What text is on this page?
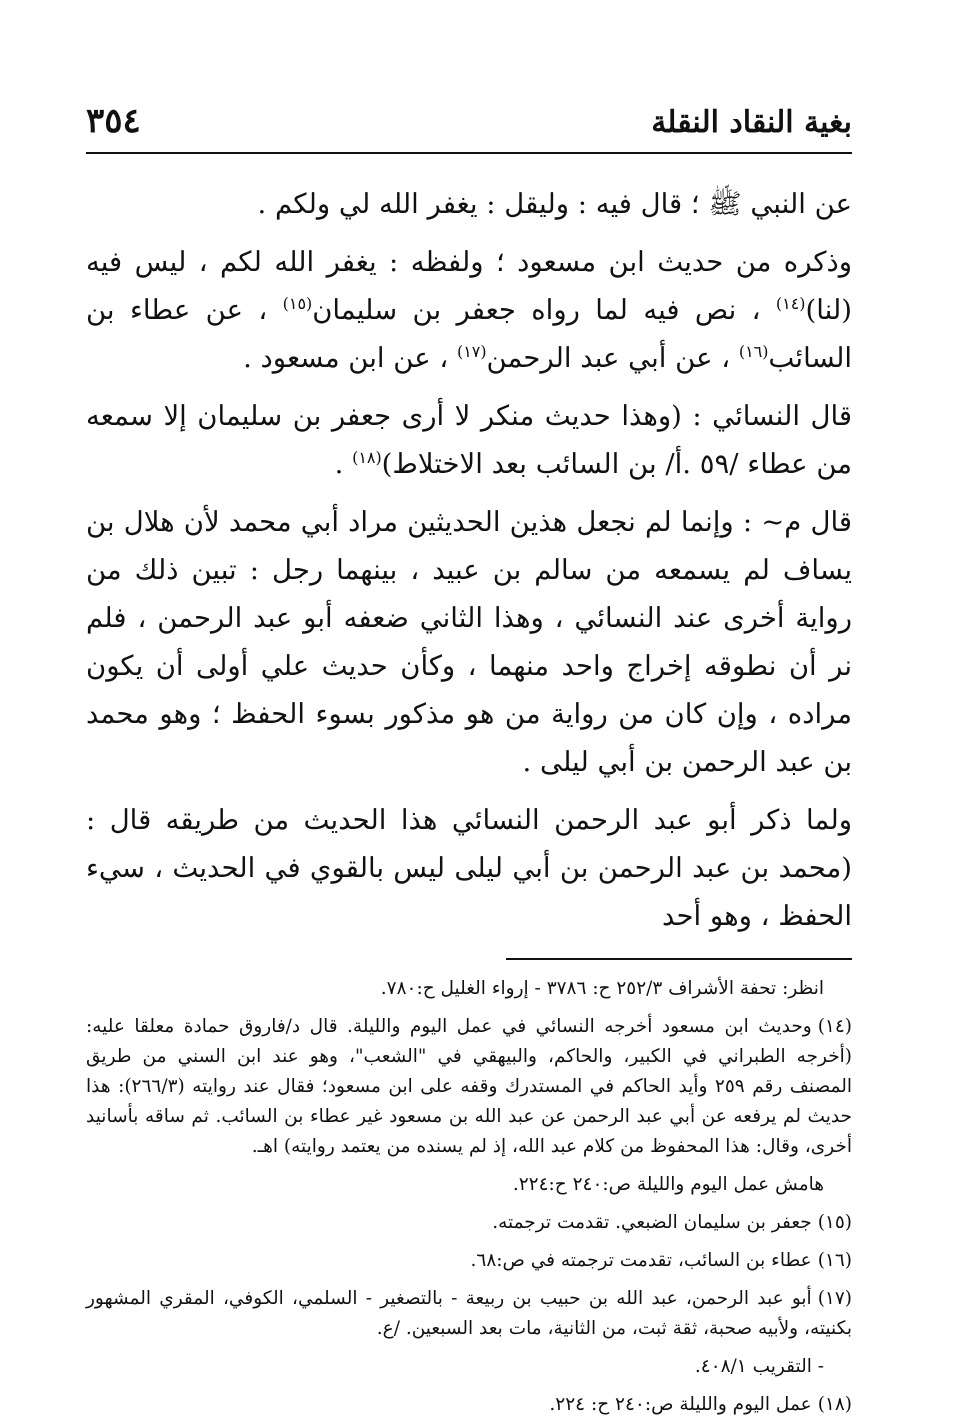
بغية النقاد النقلة
٣٥٤

عن النبي ﷺ ؛ قال فيه : وليقل : يغفر الله لي ولكم .

وذكره من حديث ابن مسعود ؛ ولفظه : يغفر الله لكم ، ليس فيه (لنا)$^{(١٤)}$ ، نص فيه لما رواه جعفر بن سليمان$^{(١٥)}$ ، عن عطاء بن السائب$^{(١٦)}$ ، عن أبي عبد الرحمن$^{(١٧)}$ ، عن ابن مسعود .

قال النسائي : (وهذا حديث منكر لا أرى جعفر بن سليمان إلا سمعه من عطاء /٥٩ .أ/ بن السائب بعد الاختلاط)$^{(١٨)}$ .

قال م~ : وإنما لم نجعل هذين الحديثين مراد أبي محمد لأن هلال بن يساف لم يسمعه من سالم بن عبيد ، بينهما رجل : تبين ذلك من رواية أخرى عند النسائي ، وهذا الثاني ضعفه أبو عبد الرحمن ، فلم نر أن نطوقه إخراج واحد منهما ، وكأن حديث علي أولى أن يكون مراده ، وإن كان من رواية من هو مذكور بسوء الحفظ ؛ وهو محمد بن عبد الرحمن بن أبي ليلى .

ولما ذكر أبو عبد الرحمن النسائي هذا الحديث من طريقه قال : (محمد بن عبد الرحمن بن أبي ليلى ليس بالقوي في الحديث ، سيء الحفظ ، وهو أحد

انظر: تحفة الأشراف ٢٥٢/٣ ح: ٣٧٨٦ - إرواء الغليل ح:٧٨٠.

(١٤)وحديث ابن مسعود أخرجه النسائي في عمل اليوم والليلة. قال د/فاروق حمادة معلقا عليه: (أخرجه الطبراني في الكبير، والحاكم، والبيهقي في "الشعب"، وهو عند ابن السني من طريق المصنف رقم ٢٥٩ وأيد الحاكم في المستدرك وقفه على ابن مسعود؛ فقال عند روايته (٢٦٦/٣): هذا حديث لم يرفعه عن أبي عبد الرحمن عن عبد الله بن مسعود غير عطاء بن السائب. ثم ساقه بأسانيد أخرى، وقال: هذا المحفوظ من كلام عبد الله، إذ لم يسنده من يعتمد روايته) اهـ.

هامش عمل اليوم والليلة ص:٢٤٠ ح:٢٢٤.

(١٥)جعفر بن سليمان الضبعي. تقدمت ترجمته.

(١٦)عطاء بن السائب، تقدمت ترجمته في ص:٦٨.

(١٧)أبو عبد الرحمن، عبد الله بن حبيب بن ربيعة - بالتصغير - السلمي، الكوفي، المقري المشهور بكنيته، ولأبيه صحبة، ثقة ثبت، من الثانية، مات بعد السبعين. /ع.

- التقريب ٤٠٨/١.

(١٨)عمل اليوم والليلة ص:٢٤٠ ح: ٢٢٤.
